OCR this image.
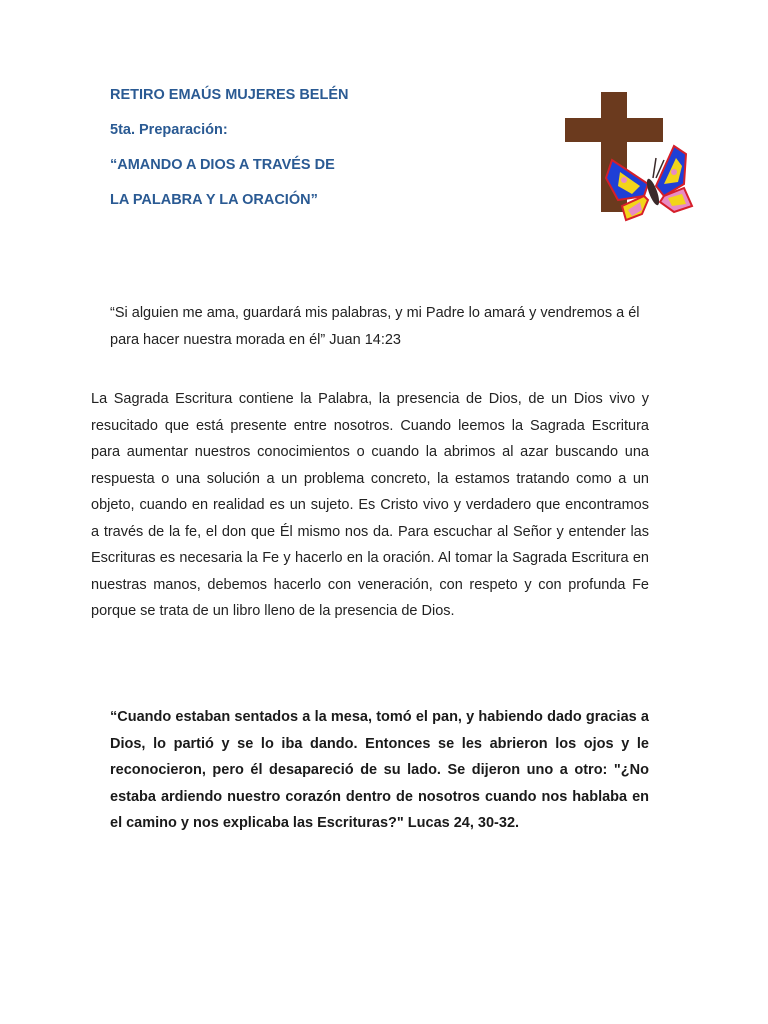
RETIRO EMAÚS MUJERES BELÉN
5ta. Preparación:
“AMANDO A DIOS A TRAVÉS DE
LA PALABRA Y LA ORACIÓN”
“Si alguien me ama, guardará mis palabras, y mi Padre lo amará y vendremos a él para hacer nuestra morada en él” Juan 14:23
La Sagrada Escritura contiene la Palabra, la presencia de Dios, de un Dios vivo y resucitado que está presente entre nosotros. Cuando leemos la Sagrada Escritura para aumentar nuestros conocimientos o cuando la abrimos al azar buscando una respuesta o una solución a un problema concreto, la estamos tratando como a un objeto, cuando en realidad es un sujeto. Es Cristo vivo y verdadero que encontramos a través de la fe, el don que Él mismo nos da. Para escuchar al Señor y entender las Escrituras es necesaria la Fe y hacerlo en la oración. Al tomar la Sagrada Escritura en nuestras manos, debemos hacerlo con veneración, con respeto y con profunda Fe porque se trata de un libro lleno de la presencia de Dios.
“Cuando estaban sentados a la mesa, tomó el pan, y habiendo dado gracias a Dios, lo partió y se lo iba dando. Entonces se les abrieron los ojos y le reconocieron, pero él desapareció de su lado. Se dijeron uno a otro: "¿No estaba ardiendo nuestro corazón dentro de nosotros cuando nos hablaba en el camino y nos explicaba las Escrituras?" Lucas 24, 30-32.
